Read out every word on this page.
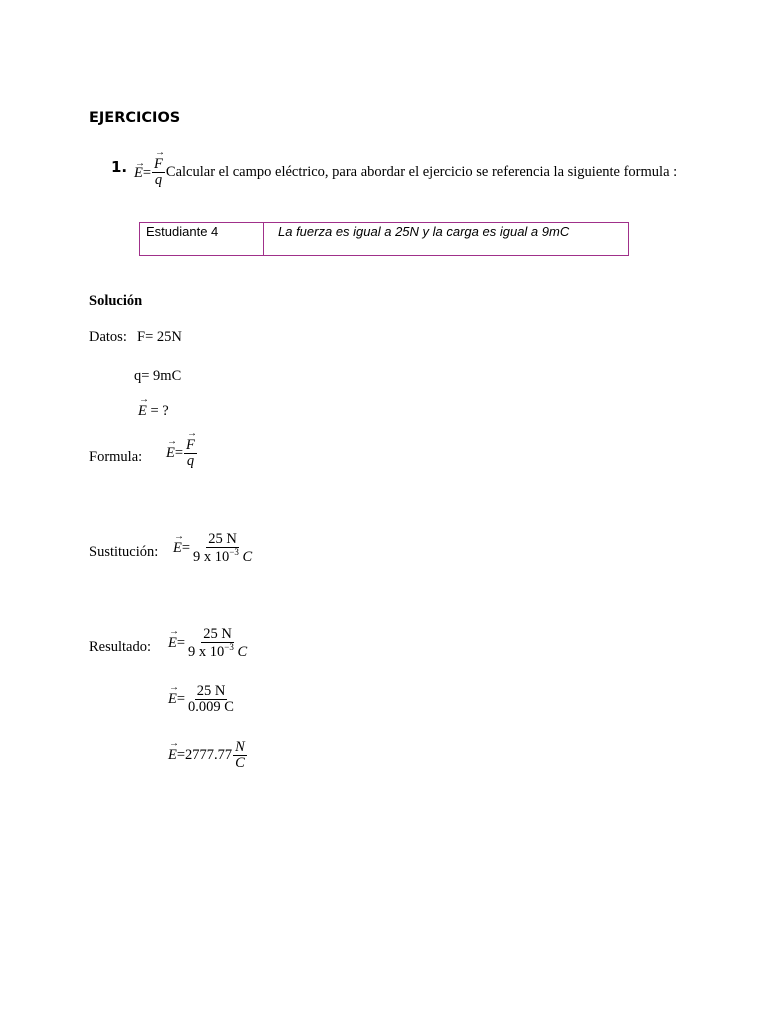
EJERCICIOS
1. → E = → $\frac{F}{q}$ Calcular el campo eléctrico, para abordar el ejercicio se referencia la siguiente formula :
Estudiante 4	La fuerza es igual a 25N y la carga es igual a 9mC
Solución
Datos: F= 25N
q= 9mC
→ E = ?
Formula: → E = → $\frac{F}{q}$
Sustitución: → $E = \frac{25 N}{9 x 10^{-3} C}$
Resultado: → $E = \frac{25 N}{9 x 10^{-3} C}$
→ $E = \frac{25 N}{0.009 C}$
→ $E = 2777.77 \frac{N}{C}$
